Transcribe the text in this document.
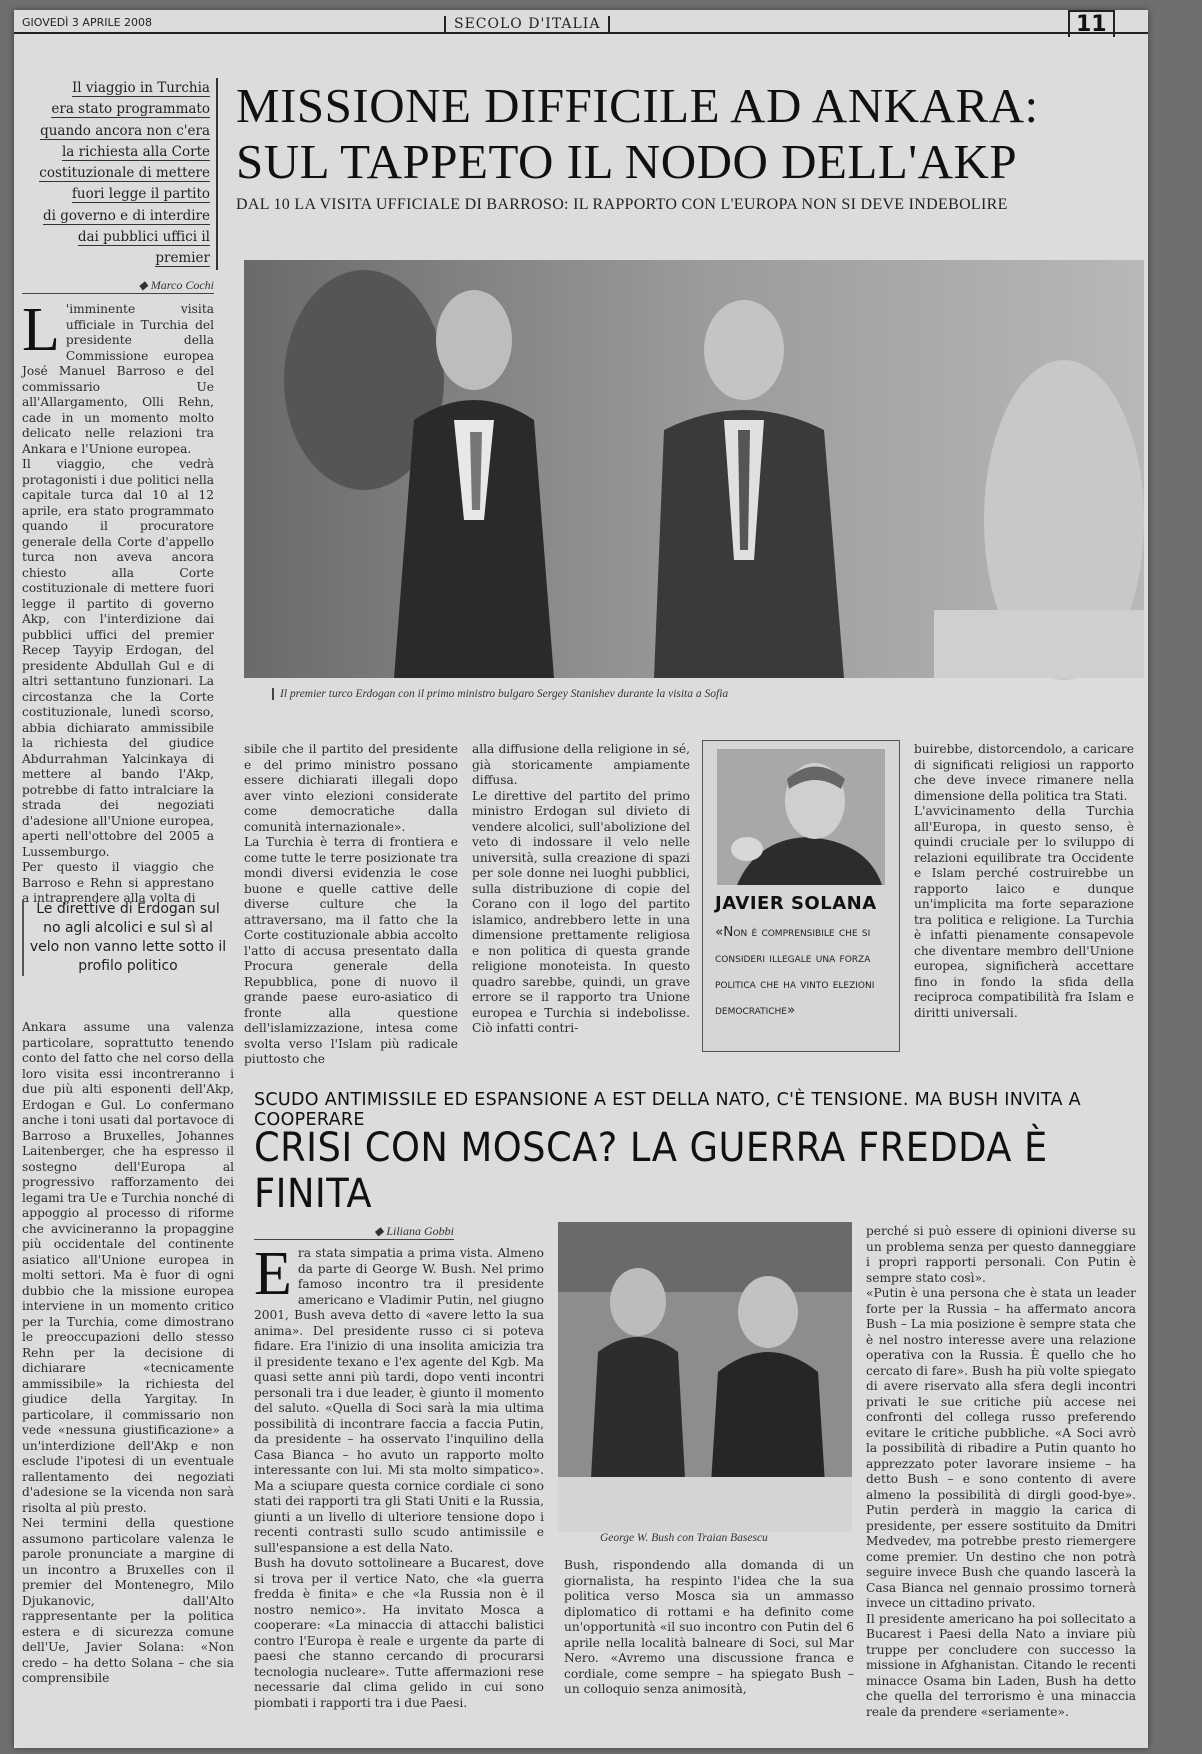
GIOVEDÌ 3 APRILE 2008	SECOLO D'ITALIA	11
Il viaggio in Turchia
era stato programmato
quando ancora non c'era
la richiesta alla Corte
costituzionale di mettere
fuori legge il partito
di governo e di interdire
dai pubblici uffici il premier
MISSIONE DIFFICILE AD ANKARA: SUL TAPPETO IL NODO DELL'AKP
DAL 10 LA VISITA UFFICIALE DI BARROSO: IL RAPPORTO CON L'EUROPA NON SI DEVE INDEBOLIRE
◆ Marco Cochi
Il premier turco Erdogan con il primo ministro bulgaro Sergey Stanishev durante la visita a Sofia
L 'imminente visita ufficiale in Turchia del presidente della Commissione europea José Manuel Barroso e del commissario Ue all'Allargamento, Olli Rehn, cade in un momento molto delicato nelle relazioni tra Ankara e l'Unione europea.
Il viaggio, che vedrà protagonisti i due politici nella capitale turca dal 10 al 12 aprile, era stato programmato quando il procuratore generale della Corte d'appello turca non aveva ancora chiesto alla Corte costituzionale di mettere fuori legge il partito di governo Akp, con l'interdizione dai pubblici uffici del premier Recep Tayyip Erdogan, del presidente Abdullah Gul e di altri settantuno funzionari. La circostanza che la Corte costituzionale, lunedì scorso, abbia dichiarato ammissibile la richiesta del giudice Abdurrahman Yalcinkaya di mettere al bando l'Akp, potrebbe di fatto intralciare la strada dei negoziati d'adesione all'Unione europea, aperti nell'ottobre del 2005 a Lussemburgo.
Per questo il viaggio che Barroso e Rehn si apprestano a intraprendere alla volta di
Le direttive di Erdogan sul no agli alcolici e sul sì al velo non vanno lette sotto il profilo politico
Ankara assume una valenza particolare, soprattutto tenendo conto del fatto che nel corso della loro visita essi incontreranno i due più alti esponenti dell'Akp, Erdogan e Gul. Lo confermano anche i toni usati dal portavoce di Barroso a Bruxelles, Johannes Laitenberger, che ha espresso il sostegno dell'Europa al progressivo rafforzamento dei legami tra Ue e Turchia nonché di appoggio al processo di riforme che avvicineranno la propaggine più occidentale del continente asiatico all'Unione europea in molti settori. Ma è fuor di ogni dubbio che la missione europea interviene in un momento critico per la Turchia, come dimostrano le preoccupazioni dello stesso Rehn per la decisione di dichiarare «tecnicamente ammissibile» la richiesta del giudice della Yargitay. In particolare, il commissario non vede «nessuna giustificazione» a un'interdizione dell'Akp e non esclude l'ipotesi di un eventuale rallentamento dei negoziati d'adesione se la vicenda non sarà risolta al più presto.
Nei termini della questione assumono particolare valenza le parole pronunciate a margine di un incontro a Bruxelles con il premier del Montenegro, Milo Djukanovic, dall'Alto rappresentante per la politica estera e di sicurezza comune dell'Ue, Javier Solana: «Non credo – ha detto Solana – che sia comprensibile
sibile che il partito del presidente e del primo ministro possano essere dichiarati illegali dopo aver vinto elezioni considerate come democratiche dalla comunità internazionale».
La Turchia è terra di frontiera e come tutte le terre posizionate tra mondi diversi evidenzia le cose buone e quelle cattive delle diverse culture che la attraversano, ma il fatto che la Corte costituzionale abbia accolto l'atto di accusa presentato dalla Procura generale della Repubblica, pone di nuovo il grande paese euro-asiatico di fronte alla questione dell'islamizzazione, intesa come svolta verso l'Islam più radicale piuttosto che
alla diffusione della religione in sé, già storicamente ampiamente diffusa.
Le direttive del partito del primo ministro Erdogan sul divieto di vendere alcolici, sull'abolizione del veto di indossare il velo nelle università, sulla creazione di spazi per sole donne nei luoghi pubblici, sulla distribuzione di copie del Corano con il logo del partito islamico, andrebbero lette in una dimensione prettamente religiosa e non politica di questa grande religione monoteista. In questo quadro sarebbe, quindi, un grave errore se il rapporto tra Unione europea e Turchia si indebolisse. Ciò infatti contri-
JAVIER SOLANA
«Non è comprensibile che si consideri illegale una forza politica che ha vinto elezioni democratiche»
buirebbe, distorcendolo, a caricare di significati religiosi un rapporto che deve invece rimanere nella dimensione della politica tra Stati.
L'avvicinamento della Turchia all'Europa, in questo senso, è quindi cruciale per lo sviluppo di relazioni equilibrate tra Occidente e Islam perché costruirebbe un rapporto laico e dunque un'implicita ma forte separazione tra politica e religione. La Turchia è infatti pienamente consapevole che diventare membro dell'Unione europea, significherà accettare fino in fondo la sfida della reciproca compatibilità fra Islam e diritti universali.
SCUDO ANTIMISSILE ED ESPANSIONE A EST DELLA NATO, C'È TENSIONE. MA BUSH INVITA A COOPERARE
CRISI CON MOSCA? LA GUERRA FREDDA È FINITA
◆ Liliana Gobbi
Era stata simpatia a prima vista. Almeno da parte di George W. Bush. Nel primo famoso incontro tra il presidente americano e Vladimir Putin, nel giugno 2001, Bush aveva detto di «avere letto la sua anima». Del presidente russo ci si poteva fidare. Era l'inizio di una insolita amicizia tra il presidente texano e l'ex agente del Kgb. Ma quasi sette anni più tardi, dopo venti incontri personali tra i due leader, è giunto il momento del saluto. «Quella di Soci sarà la mia ultima possibilità di incontrare faccia a faccia Putin, da presidente – ha osservato l'inquilino della Casa Bianca – ho avuto un rapporto molto interessante con lui. Mi sta molto simpatico». Ma a sciupare questa cornice cordiale ci sono stati dei rapporti tra gli Stati Uniti e la Russia, giunti a un livello di ulteriore tensione dopo i recenti contrasti sullo scudo antimissile e sull'espansione a est della Nato.
Bush ha dovuto sottolineare a Bucarest, dove si trova per il vertice Nato, che «la guerra fredda è finita» e che «la Russia non è il nostro nemico». Ha invitato Mosca a cooperare: «La minaccia di attacchi balistici contro l'Europa è reale e urgente da parte di paesi che stanno cercando di procurarsi tecnologia nucleare». Tutte affermazioni rese necessarie dal clima gelido in cui sono piombati i rapporti tra i due Paesi.
George W. Bush con Traian Basescu
Bush, rispondendo alla domanda di un giornalista, ha respinto l'idea che la sua politica verso Mosca sia un ammasso diplomatico di rottami e ha definito come un'opportunità «il suo incontro con Putin del 6 aprile nella località balneare di Soci, sul Mar Nero. «Avremo una discussione franca e cordiale, come sempre – ha spiegato Bush – un colloquio senza animosità,
perché si può essere di opinioni diverse su un problema senza per questo danneggiare i propri rapporti personali. Con Putin è sempre stato così».
«Putin è una persona che è stata un leader forte per la Russia – ha affermato ancora Bush – La mia posizione è sempre stata che è nel nostro interesse avere una relazione operativa con la Russia. È quello che ho cercato di fare». Bush ha più volte spiegato di avere riservato alla sfera degli incontri privati le sue critiche più accese nei confronti del collega russo preferendo evitare le critiche pubbliche. «A Soci avrò la possibilità di ribadire a Putin quanto ho apprezzato poter lavorare insieme – ha detto Bush – e sono contento di avere almeno la possibilità di dirgli good-bye». Putin perderà in maggio la carica di presidente, per essere sostituito da Dmitri Medvedev, ma potrebbe presto riemergere come premier. Un destino che non potrà seguire invece Bush che quando lascerà la Casa Bianca nel gennaio prossimo tornerà invece un cittadino privato.
Il presidente americano ha poi sollecitato a Bucarest i Paesi della Nato a inviare più truppe per concludere con successo la missione in Afghanistan. Citando le recenti minacce Osama bin Laden, Bush ha detto che quella del terrorismo è una minaccia reale da prendere «seriamente».
